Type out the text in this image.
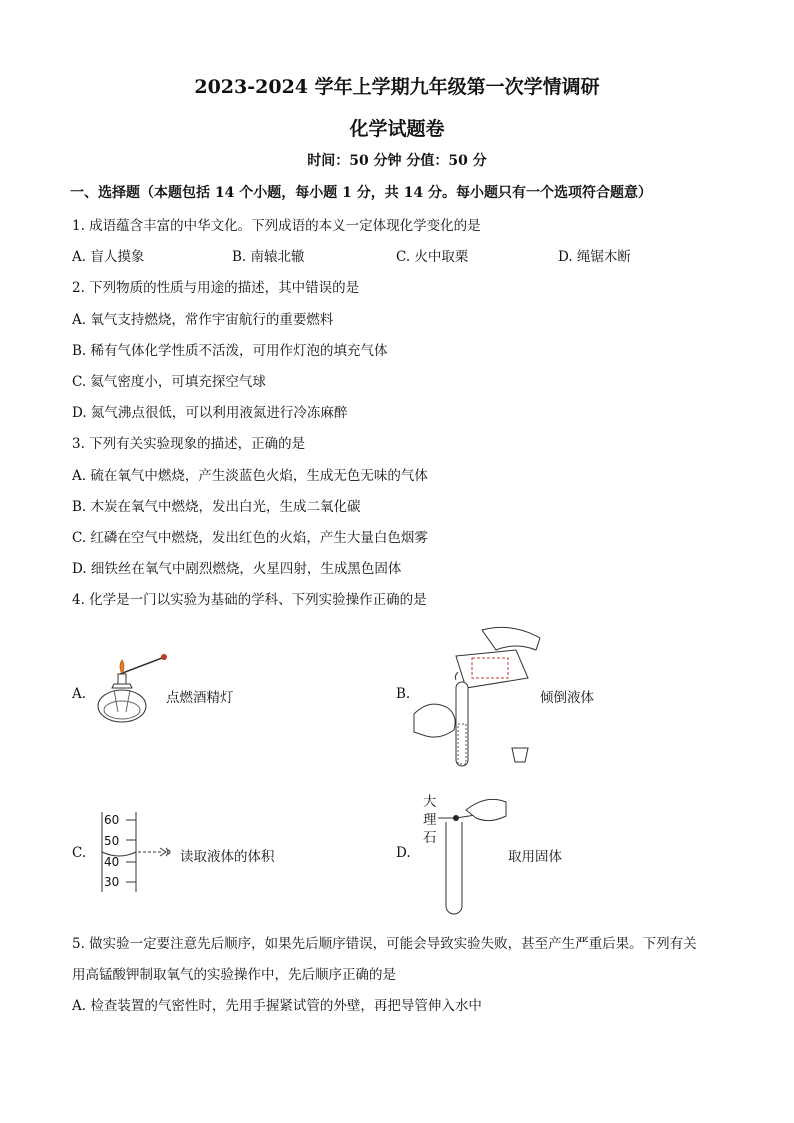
2023-2024 学年上学期九年级第一次学情调研
化学试题卷
时间：50 分钟 分值：50 分
一、选择题（本题包括 14 个小题，每小题 1 分，共 14 分。每小题只有一个选项符合题意）
1. 成语蕴含丰富的中华文化。下列成语的本义一定体现化学变化的是
A. 盲人摸象	B. 南辕北辙	C. 火中取栗	D. 绳锯木断
2. 下列物质的性质与用途的描述，其中错误的是
A. 氧气支持燃烧，常作宇宙航行的重要燃料
B. 稀有气体化学性质不活泼，可用作灯泡的填充气体
C. 氦气密度小，可填充探空气球
D. 氮气沸点很低，可以利用液氮进行冷冻麻醉
3. 下列有关实验现象的描述，正确的是
A. 硫在氧气中燃烧，产生淡蓝色火焰，生成无色无味的气体
B. 木炭在氧气中燃烧，发出白光，生成二氧化碳
C. 红磷在空气中燃烧，发出红色的火焰，产生大量白色烟雾
D. 细铁丝在氧气中剧烈燃烧，火星四射，生成黑色固体
4. 化学是一门以实验为基础的学科、下列实验操作正确的是
A.	点燃酒精灯	B.	倾倒液体
C.
60
50
40
30
读取液体的体积	D.
大
理
石
取用固体
5. 做实验一定要注意先后顺序，如果先后顺序错误，可能会导致实验失败，甚至产生严重后果。下列有关
用高锰酸钾制取氧气的实验操作中，先后顺序正确的是
A. 检查装置的气密性时，先用手握紧试管的外壁，再把导管伸入水中
